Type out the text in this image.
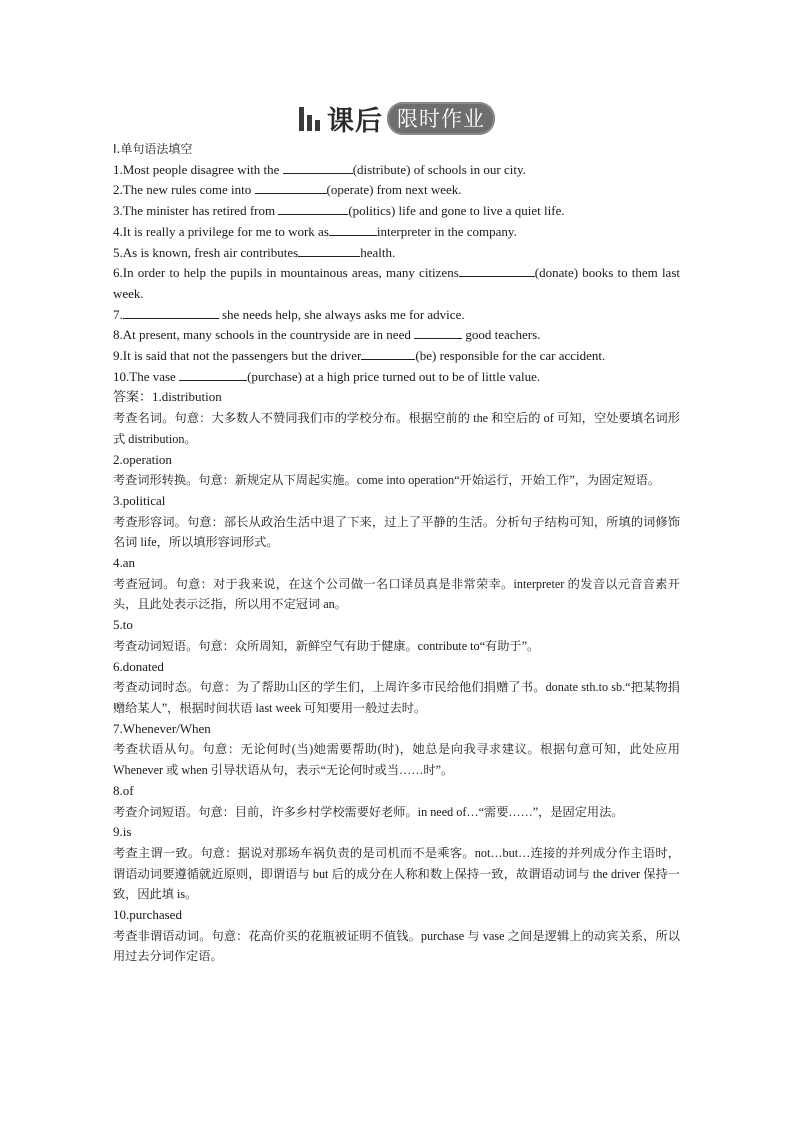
课后 限时作业
Ⅰ.单句语法填空
1.Most people disagree with the	(distribute) of schools in our city.
2.The new rules come into	(operate) from next week.
3.The minister has retired from	(politics) life and gone to live a quiet life.
4.It is really a privilege for me to work as	interpreter in the company.
5.As is known, fresh air contributes	health.
6.In order to help the pupils in mountainous areas, many citizens	(donate) books to them last week.
7.	she needs help, she always asks me for advice.
8.At present, many schools in the countryside are in need	good teachers.
9.It is said that not the passengers but the driver	(be) responsible for the car accident.
10.The vase	(purchase) at a high price turned out to be of little value.
答案：1.distribution
考查名词。句意：大多数人不赞同我们市的学校分布。根据空前的 the 和空后的 of 可知，空处要填名词形式 distribution。
2.operation
考查词形转换。句意：新规定从下周起实施。come into operation“开始运行，开始工作”，为固定短语。
3.political
考查形容词。句意：部长从政治生活中退了下来，过上了平静的生活。分析句子结构可知，所填的词修饰名词 life，所以填形容词形式。
4.an
考查冠词。句意：对于我来说，在这个公司做一名口译员真是非常荣幸。interpreter 的发音以元音音素开头，且此处表示泛指，所以用不定冠词 an。
5.to
考查动词短语。句意：众所周知，新鲜空气有助于健康。contribute to“有助于”。
6.donated
考查动词时态。句意：为了帮助山区的学生们，上周许多市民给他们捐赠了书。donate sth.to sb.“把某物捐赠给某人”，根据时间状语 last week 可知要用一般过去时。
7.Whenever/When
考查状语从句。句意：无论何时(当)她需要帮助(时)，她总是向我寻求建议。根据句意可知，此处应用 Whenever 或 when 引导状语从句，表示“无论何时或当……时”。
8.of
考查介词短语。句意：目前，许多乡村学校需要好老师。in need of…“需要……”，是固定用法。
9.is
考查主谓一致。句意：据说对那场车祸负责的是司机而不是乘客。not…but…连接的并列成分作主语时，谓语动词要遵循就近原则，即谓语与 but 后的成分在人称和数上保持一致，故谓语动词与 the driver 保持一致，因此填 is。
10.purchased
考查非谓语动词。句意：花高价买的花瓶被证明不值钱。purchase 与 vase 之间是逻辑上的动宾关系，所以用过去分词作定语。
